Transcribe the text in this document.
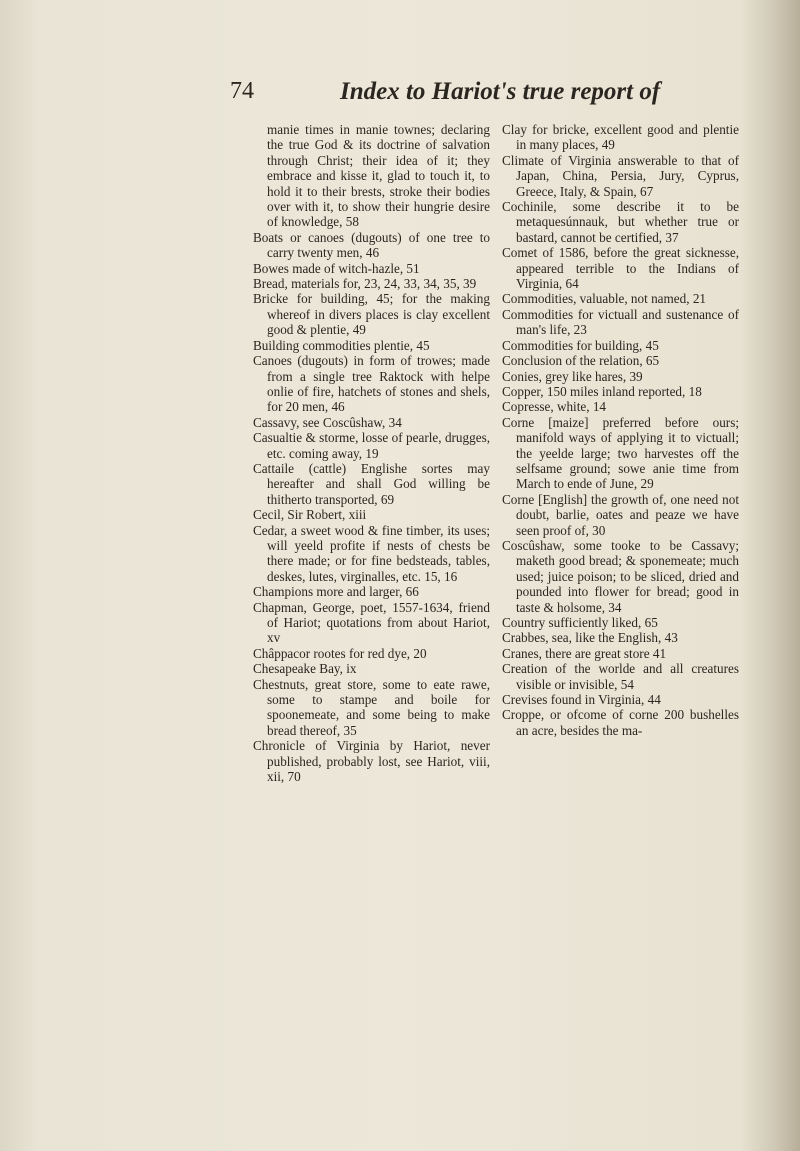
74	Index to Hariot's true report of

manie times in manie townes; declaring the true God & its doctrine of salvation through Christ; their idea of it; they embrace and kisse it, glad to touch it, to hold it to their brests, stroke their bodies over with it, to show their hungrie desire of knowledge, 58

Boats or canoes (dugouts) of one tree to carry twenty men, 46

Bowes made of witch-hazle, 51

Bread, materials for, 23, 24, 33, 34, 35, 39

Bricke for building, 45; for the making whereof in divers places is clay excellent good & plentie, 49

Building commodities plentie, 45

Canoes (dugouts) in form of trowes; made from a single tree Raktock with helpe onlie of fire, hatchets of stones and shels, for 20 men, 46

Cassavy, see Coscûshaw, 34

Casualtie & storme, losse of pearle, drugges, etc. coming away, 19

Cattaile (cattle) Englishe sortes may hereafter and shall God willing be thitherto transported, 69

Cecil, Sir Robert, xiii

Cedar, a sweet wood & fine timber, its uses; will yeeld profite if nests of chests be there made; or for fine bedsteads, tables, deskes, lutes, virginalles, etc. 15, 16

Champions more and larger, 66

Chapman, George, poet, 1557-1634, friend of Hariot; quotations from about Hariot, xv

Châppacor rootes for red dye, 20

Chesapeake Bay, ix

Chestnuts, great store, some to eate rawe, some to stampe and boile for spoonemeate, and some being to make bread thereof, 35

Chronicle of Virginia by Hariot, never published, probably lost, see Hariot, viii, xii, 70

Clay for bricke, excellent good and plentie in many places, 49

Climate of Virginia answerable to that of Japan, China, Persia, Jury, Cyprus, Greece, Italy, & Spain, 67

Cochinile, some describe it to be metaquesúnnauk, but whether true or bastard, cannot be certified, 37

Comet of 1586, before the great sicknesse, appeared terrible to the Indians of Virginia, 64

Commodities, valuable, not named, 21

Commodities for victuall and sustenance of man's life, 23

Commodities for building, 45

Conclusion of the relation, 65

Conies, grey like hares, 39

Copper, 150 miles inland reported, 18

Copresse, white, 14

Corne [maize] preferred before ours; manifold ways of applying it to victuall; the yeelde large; two harvestes off the selfsame ground; sowe anie time from March to ende of June, 29

Corne [English] the growth of, one need not doubt, barlie, oates and peaze we have seen proof of, 30

Coscûshaw, some tooke to be Cassavy; maketh good bread; & sponemeate; much used; juice poison; to be sliced, dried and pounded into flower for bread; good in taste & holsome, 34

Country sufficiently liked, 65

Crabbes, sea, like the English, 43

Cranes, there are great store 41

Creation of the worlde and all creatures visible or invisible, 54

Crevises found in Virginia, 44

Croppe, or ofcome of corne 200 bushelles an acre, besides the ma-
